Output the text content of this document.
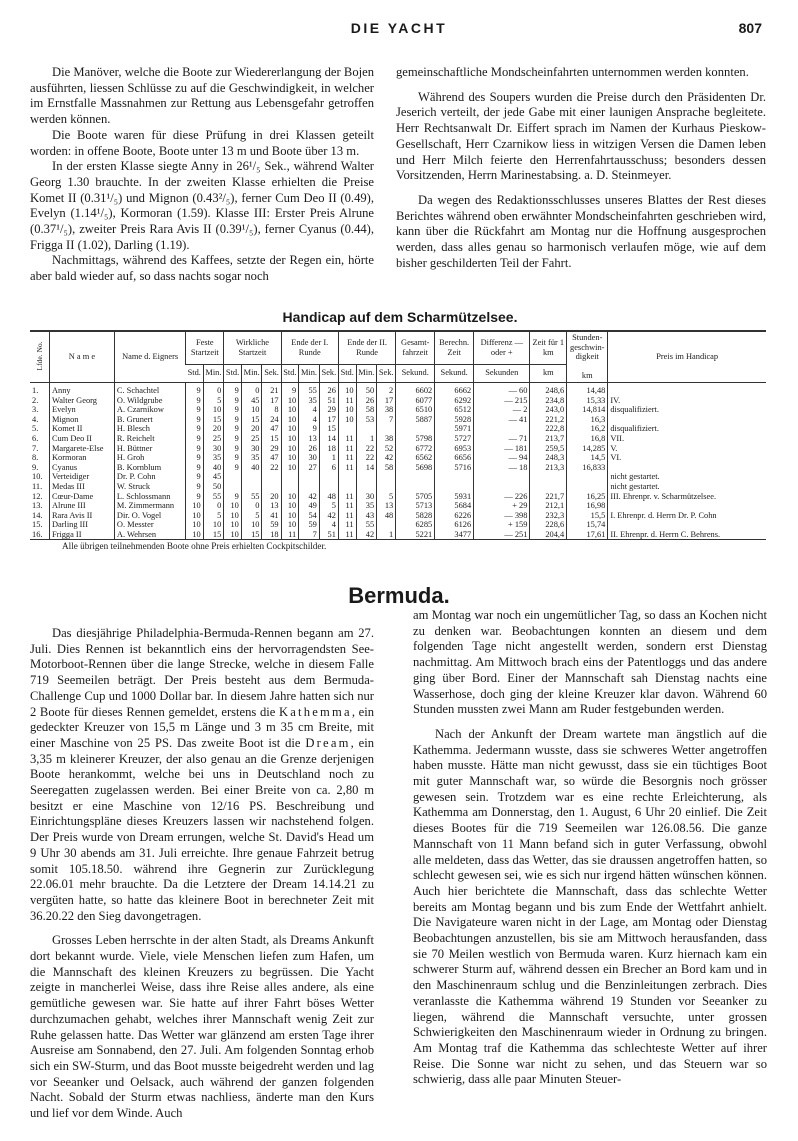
DIE YACHT	807

Die Manöver, welche die Boote zur Wiedererlangung der Bojen ausführten, liessen Schlüsse zu auf die Geschwindigkeit, in welcher im Ernstfalle Massnahmen zur Rettung aus Lebensgefahr getroffen werden können.

Die Boote waren für diese Prüfung in drei Klassen geteilt worden: in offene Boote, Boote unter 13 m und Boote über 13 m.

In der ersten Klasse siegte Anny in 26¹/₅ Sek., während Walter Georg 1.30 brauchte. In der zweiten Klasse erhielten die Preise Komet II (0.31¹/₅) und Mignon (0.43²/₅), ferner Cum Deo II (0.49), Evelyn (1.14¹/₅), Kormoran (1.59). Klasse III: Erster Preis Alrune (0.37¹/₅), zweiter Preis Rara Avis II (0.39¹/₅), ferner Cyanus (0.44), Frigga II (1.02), Darling (1.19).

Nachmittags, während des Kaffees, setzte der Regen ein, hörte aber bald wieder auf, so dass nachts sogar noch

gemeinschaftliche Mondscheinfahrten unternommen werden konnten.

Während des Soupers wurden die Preise durch den Präsidenten Dr. Jeserich verteilt, der jede Gabe mit einer launigen Ansprache begleitete. Herr Rechtsanwalt Dr. Eiffert sprach im Namen der Kurhaus Pieskow-Gesellschaft, Herr Czarnikow liess in witzigen Versen die Damen leben und Herr Milch feierte den Herrenfahrtausschuss; besonders dessen Vorsitzenden, Herrn Marinestabsing. a. D. Steinmeyer.

Da wegen des Redaktionsschlusses unseres Blattes der Rest dieses Berichtes während oben erwähnter Mondscheinfahrten geschrieben wird, kann über die Rückfahrt am Montag nur die Hoffnung ausgesprochen werden, dass alles genau so harmonisch verlaufen möge, wie auf dem bisher geschilderten Teil der Fahrt.

Handicap auf dem Scharmützelsee.
Lfde. No.	N a m e	Name d. Eigners	Feste Startzeit		Wirkliche Startzeit			Ende der I. Runde			Ende der II. Runde			Gesamt-fahrzeit	Berechn. Zeit	Differenz — oder +	Zeit für 1 km	Stunden-geschwin-digkeit

km	Preis im Handicap
			Std.	Min.	Std.	Min.	Sek.	Std.	Min.	Sek.	Std.	Min.	Sek.	Sekund.	Sekund.	Sekunden	km		
1.	Anny	C. Schachtel	9	0	9	0	21	9	55	26	10	50	2	6602	6662	— 60	248,6	14,48	
2.	Walter Georg	O. Wildgrube	9	5	9	45	17	10	35	51	11	26	17	6077	6292	— 215	234,8	15,33	IV.
3.	Evelyn	A. Czarnikow	9	10	9	10	8	10	4	29	10	58	38	6510	6512	— 2	243,0	14,814	disqualifiziert.
4.	Mignon	B. Grunert	9	15	9	15	24	10	4	17	10	53	7	5887	5928	— 41	221,2	16,3	
5.	Komet II	H. Blesch	9	20	9	20	47	10	9	15					5971		222,8	16,2	disqualifiziert.
6.	Cum Deo II	R. Reichelt	9	25	9	25	15	10	13	14	11	1	38	5798	5727	— 71	213,7	16,8	VII.
7.	Margarete-Else	H. Büttner	9	30	9	30	29	10	26	18	11	22	52	6772	6953	— 181	259,5	14,285	V.
8.	Kormoran	H. Groh	9	35	9	35	47	10	30	1	11	22	42	6562	6656	— 94	248,3	14,5	VI.
9.	Cyanus	B. Kornblum	9	40	9	40	22	10	27	6	11	14	58	5698	5716	— 18	213,3	16,833	
10.	Verteidiger	Dr. P. Cohn	9	45															nicht gestartet.
11.	Medas III	W. Struck	9	50															nicht gestartet.
12.	Cœur-Dame	L. Schlossmann	9	55	9	55	20	10	42	48	11	30	5	5705	5931	— 226	221,7	16,25	III. Ehrenpr. v. Scharmützelsee.
13.	Alrune III	M. Zimmermann	10	0	10	0	13	10	49	5	11	35	13	5713	5684	+ 29	212,1	16,98	
14.	Rara Avis II	Dir. O. Vogel	10	5	10	5	41	10	54	42	11	43	48	5828	6226	— 398	232,3	15,5	I. Ehrenpr. d. Herrn Dr. P. Cohn
15.	Darling III	O. Messter	10	10	10	10	59	10	59	4	11	55		6285	6126	+ 159	228,6	15,74	
16.	Frigga II	A. Wehrsen	10	15	10	15	18	11	7	51	11	42	1	5221	3477	— 251	204,4	17,61	II. Ehrenpr. d. Herrn C. Behrens.
Alle übrigen teilnehmenden Boote ohne Preis erhielten Cockpitschilder.
Bermuda.

Das diesjährige Philadelphia-Bermuda-Rennen begann am 27. Juli. Dies Rennen ist bekanntlich eins der hervorragendsten See-Motorboot-Rennen über die lange Strecke, welche in diesem Falle 719 Seemeilen beträgt. Der Preis besteht aus dem Bermuda-Challenge Cup und 1000 Dollar bar. In diesem Jahre hatten sich nur 2 Boote für dieses Rennen gemeldet, erstens die Kathemma, ein gedeckter Kreuzer von 15,5 m Länge und 3 m 35 cm Breite, mit einer Maschine von 25 PS. Das zweite Boot ist die Dream, ein 3,35 m kleinerer Kreuzer, der also genau an die Grenze derjenigen Boote herankommt, welche bei uns in Deutschland noch zu Seeregatten zugelassen werden. Bei einer Breite von ca. 2,80 m besitzt er eine Maschine von 12/16 PS. Beschreibung und Einrichtungspläne dieses Kreuzers lassen wir nachstehend folgen. Der Preis wurde von Dream errungen, welche St. David's Head um 9 Uhr 30 abends am 31. Juli erreichte. Ihre genaue Fahrzeit betrug somit 105.18.50. während ihre Gegnerin zur Zurücklegung 22.06.01 mehr brauchte. Da die Letztere der Dream 14.14.21 zu vergüten hatte, so hatte das kleinere Boot in berechneter Zeit mit 36.20.22 den Sieg davongetragen.

Grosses Leben herrschte in der alten Stadt, als Dreams Ankunft dort bekannt wurde. Viele, viele Menschen liefen zum Hafen, um die Mannschaft des kleinen Kreuzers zu begrüssen. Die Yacht zeigte in mancherlei Weise, dass ihre Reise alles andere, als eine gemütliche gewesen war. Sie hatte auf ihrer Fahrt böses Wetter durchzumachen gehabt, welches ihrer Mannschaft wenig Zeit zur Ruhe gelassen hatte. Das Wetter war glänzend am ersten Tage ihrer Ausreise am Sonnabend, den 27. Juli. Am folgenden Sonntag erhob sich ein SW-Sturm, und das Boot musste beigedreht werden und lag vor Seeanker und Oelsack, auch während der ganzen folgenden Nacht. Sobald der Sturm etwas nachliess, änderte man den Kurs und lief vor dem Winde. Auch

am Montag war noch ein ungemütlicher Tag, so dass an Kochen nicht zu denken war. Beobachtungen konnten an diesem und dem folgenden Tage nicht angestellt werden, sondern erst Dienstag nachmittag. Am Mittwoch brach eins der Patentloggs und das andere ging über Bord. Einer der Mannschaft sah Dienstag nachts eine Wasserhose, doch ging der kleine Kreuzer klar davon. Während 60 Stunden mussten zwei Mann am Ruder festgebunden werden.

Nach der Ankunft der Dream wartete man ängstlich auf die Kathemma. Jedermann wusste, dass sie schweres Wetter angetroffen haben musste. Hätte man nicht gewusst, dass sie ein tüchtiges Boot mit guter Mannschaft war, so würde die Besorgnis noch grösser gewesen sein. Trotzdem war es eine rechte Erleichterung, als Kathemma am Donnerstag, den 1. August, 6 Uhr 20 einlief. Die Zeit dieses Bootes für die 719 Seemeilen war 126.08.56. Die ganze Mannschaft von 11 Mann befand sich in guter Verfassung, obwohl alle meldeten, dass das Wetter, das sie draussen angetroffen hatten, so schlecht gewesen sei, wie es sich nur irgend hätten wünschen können. Auch hier berichtete die Mannschaft, dass das schlechte Wetter bereits am Montag begann und bis zum Ende der Wettfahrt anhielt. Die Navigateure waren nicht in der Lage, am Montag oder Dienstag Beobachtungen anzustellen, bis sie am Mittwoch herausfanden, dass sie 70 Meilen westlich von Bermuda waren. Kurz hiernach kam ein schwerer Sturm auf, während dessen ein Brecher an Bord kam und in den Maschinenraum schlug und die Benzinleitungen zerbrach. Dies veranlasste die Kathemma während 19 Stunden vor Seeanker zu liegen, während die Mannschaft versuchte, unter grossen Schwierigkeiten den Maschinenraum wieder in Ordnung zu bringen. Am Montag traf die Kathemma das schlechteste Wetter auf ihrer Reise. Die Sonne war nicht zu sehen, und das Steuern war so schwierig, dass alle paar Minuten Steuer-
